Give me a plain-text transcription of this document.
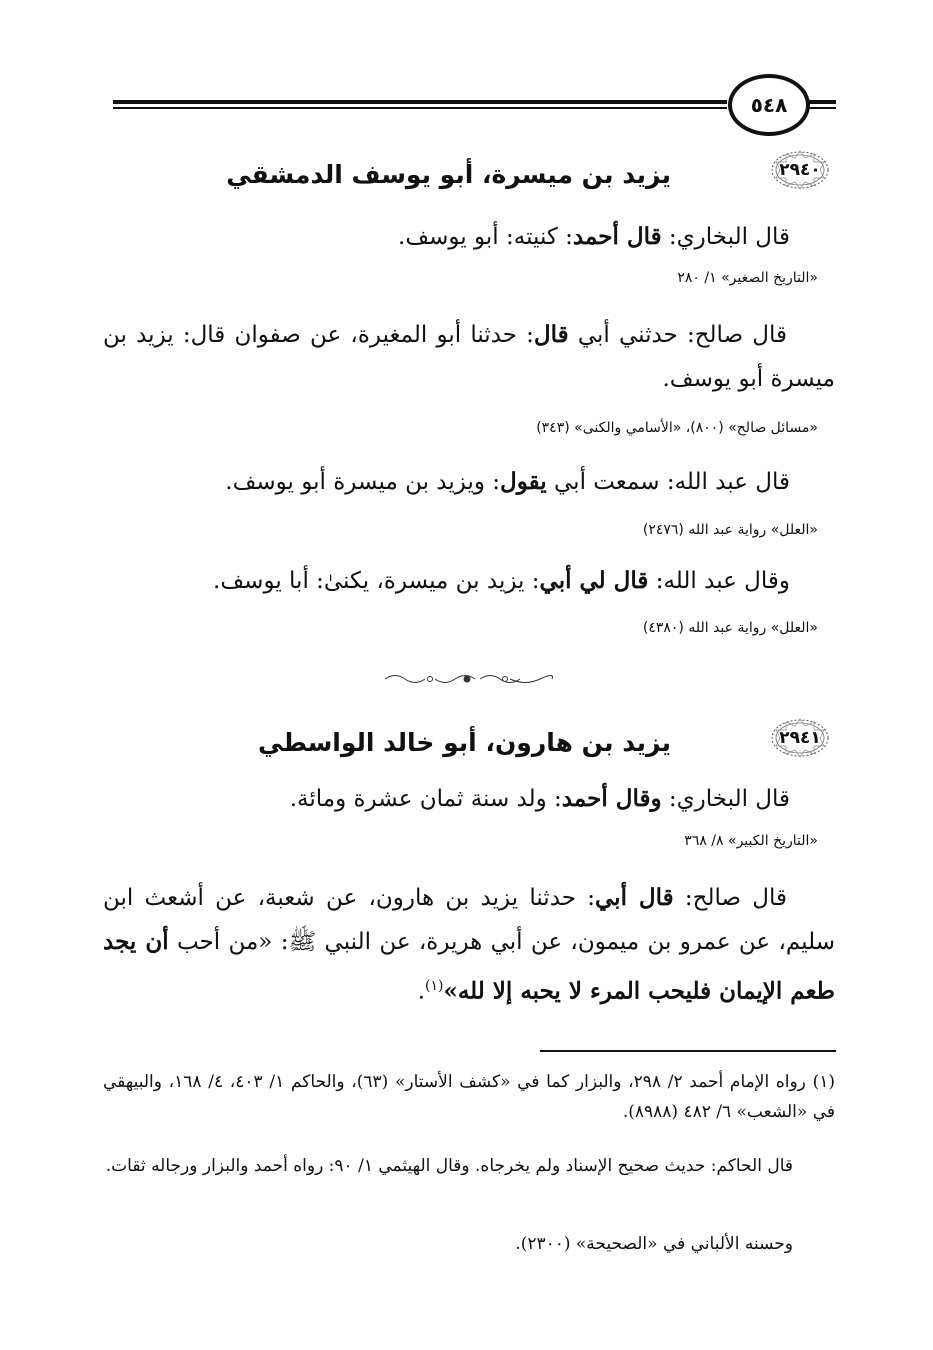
٥٤٨
٢٩٤٠
يزيد بن ميسرة، أبو يوسف الدمشقي
قال البخاري: قال أحمد: كنيته: أبو يوسف.
«التاريخ الصغير» ١/ ٢٨٠
قال صالح: حدثني أبي قال: حدثنا أبو المغيرة، عن صفوان قال: يزيد بن ميسرة أبو يوسف.
«مسائل صالح» (٨٠٠)، «الأسامي والكنى» (٣٤٣)
قال عبد الله: سمعت أبي يقول: ويزيد بن ميسرة أبو يوسف.
«العلل» رواية عبد الله (٢٤٧٦)
وقال عبد الله: قال لي أبي: يزيد بن ميسرة، يكنىٰ: أبا يوسف.
«العلل» رواية عبد الله (٤٣٨٠)
٢٩٤١
يزيد بن هارون، أبو خالد الواسطي
قال البخاري: وقال أحمد: ولد سنة ثمان عشرة ومائة.
«التاريخ الكبير» ٨/ ٣٦٨
قال صالح: قال أبي: حدثنا يزيد بن هارون، عن شعبة، عن أشعث ابن سليم، عن عمرو بن ميمون، عن أبي هريرة، عن النبي ﷺ: «من أحب أن يجد طعم الإيمان فليحب المرء لا يحبه إلا لله»$^{(١)}$.
(١) رواه الإمام أحمد ٢/ ٢٩٨، والبزار كما في «كشف الأستار» (٦٣)، والحاكم ١/ ٤٠٣، ٤/ ١٦٨، والبيهقي في «الشعب» ٦/ ٤٨٢ (٨٩٨٨).
قال الحاكم: حديث صحيح الإسناد ولم يخرجاه. وقال الهيثمي ١/ ٩٠: رواه أحمد والبزار ورجاله ثقات.
وحسنه الألباني في «الصحيحة» (٢٣٠٠).
